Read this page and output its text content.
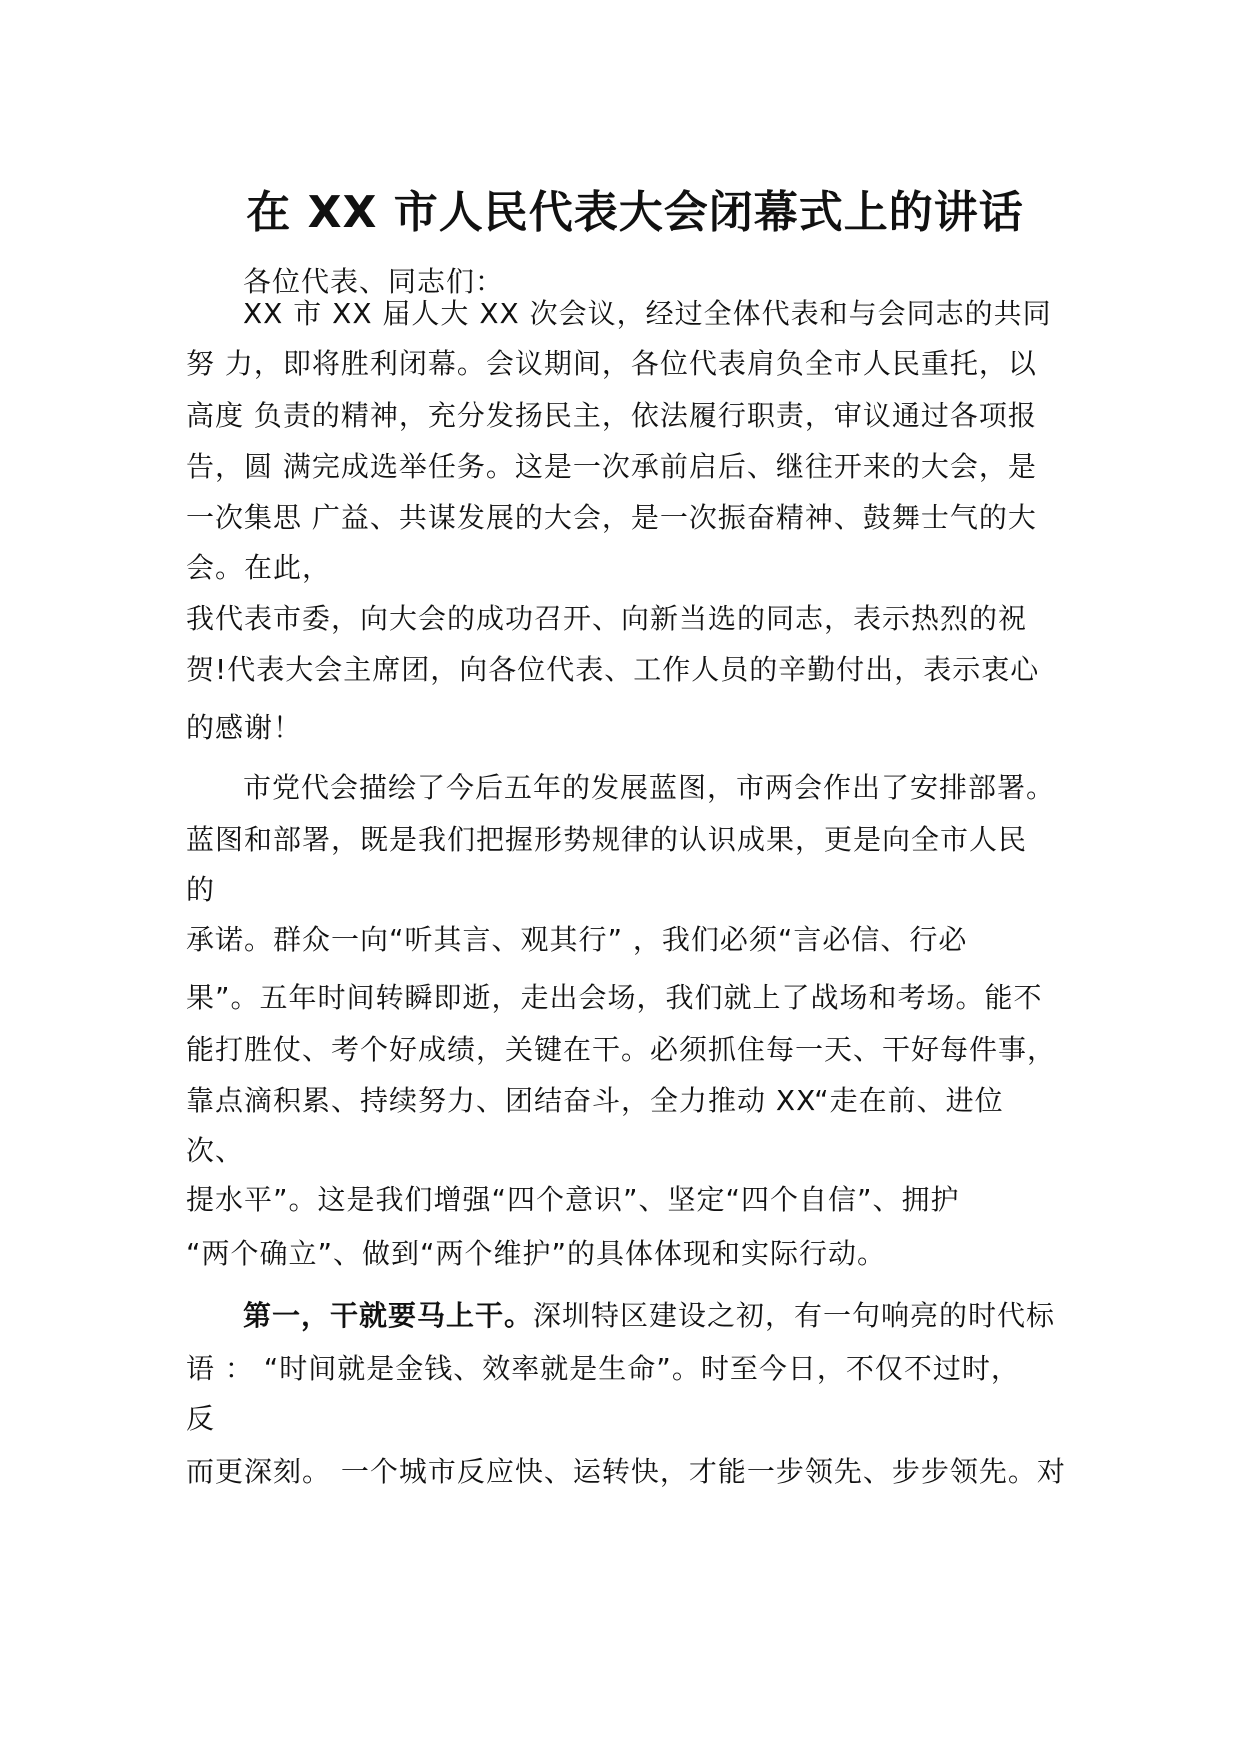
在 XX 市人民代表大会闭幕式上的讲话
各位代表、同志们：
XX 市 XX 届人大 XX 次会议，经过全体代表和与会同志的共同
努 力，即将胜利闭幕。会议期间，各位代表肩负全市人民重托，以
高度 负责的精神，充分发扬民主，依法履行职责，审议通过各项报
告，圆 满完成选举任务。这是一次承前启后、继往开来的大会，是
一次集思 广益、共谋发展的大会，是一次振奋精神、鼓舞士气的大
会。在此，
我代表市委，向大会的成功召开、向新当选的同志，表示热烈的祝
贺!代表大会主席团，向各位代表、工作人员的辛勤付出，表示衷心
的感谢！
市党代会描绘了今后五年的发展蓝图，市两会作出了安排部署。
蓝图和部署，既是我们把握形势规律的认识成果，更是向全市人民
的
承诺。群众一向“听其言、观其行” ，我们必须“言必信、行必
果”。五年时间转瞬即逝，走出会场，我们就上了战场和考场。能不
能打胜仗、考个好成绩，关键在干。必须抓住每一天、干好每件事，
靠点滴积累、持续努力、团结奋斗，全力推动 XX“走在前、进位
次、
提水平”。这是我们增强“四个意识”、坚定“四个自信”、拥护
“两个确立”、做到“两个维护”的具体体现和实际行动。
第一，干就要马上干。深圳特区建设之初，有一句响亮的时代标
语 ： “时间就是金钱、效率就是生命”。时至今日，不仅不过时，
反
而更深刻。 一个城市反应快、运转快，才能一步领先、步步领先。对
